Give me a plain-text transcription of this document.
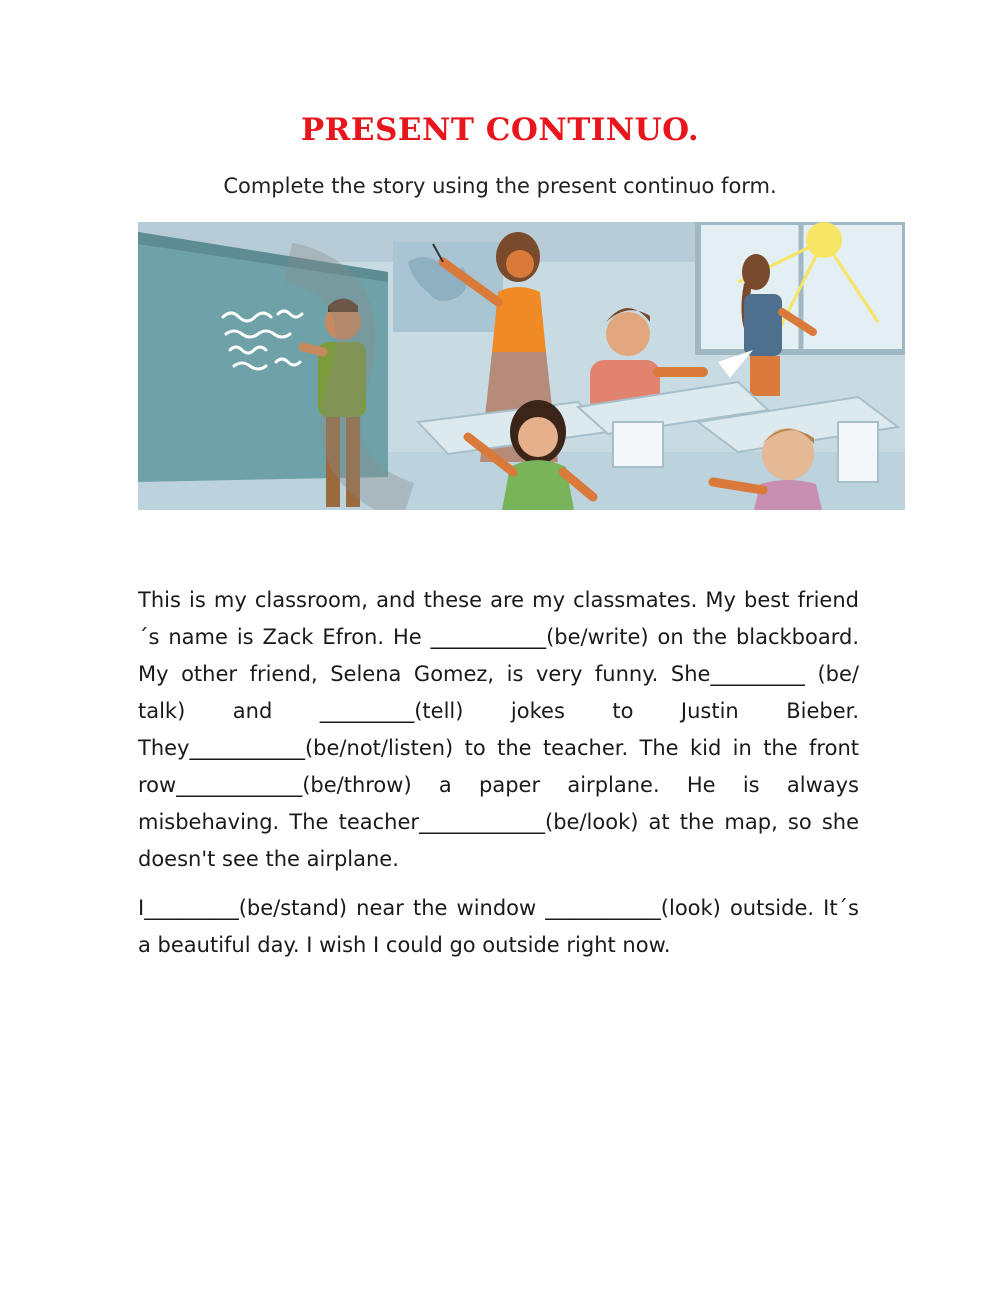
PRESENT CONTINUO.

Complete the story using the present continuo form.

This is my classroom, and these are my classmates. My best friend´s name is Zack Efron. He ___________(be/write) on the blackboard. My other friend, Selena Gomez, is very funny. She_________ (be/ talk) and _________(tell) jokes to Justin Bieber. They___________(be/not/listen) to the teacher. The kid in the front row____________(be/throw) a paper airplane. He is always misbehaving. The teacher____________(be/look) at the map, so she doesn't see the airplane.

I_________(be/stand) near the window ___________(look) outside. It´s a beautiful day. I wish I could go outside right now.
